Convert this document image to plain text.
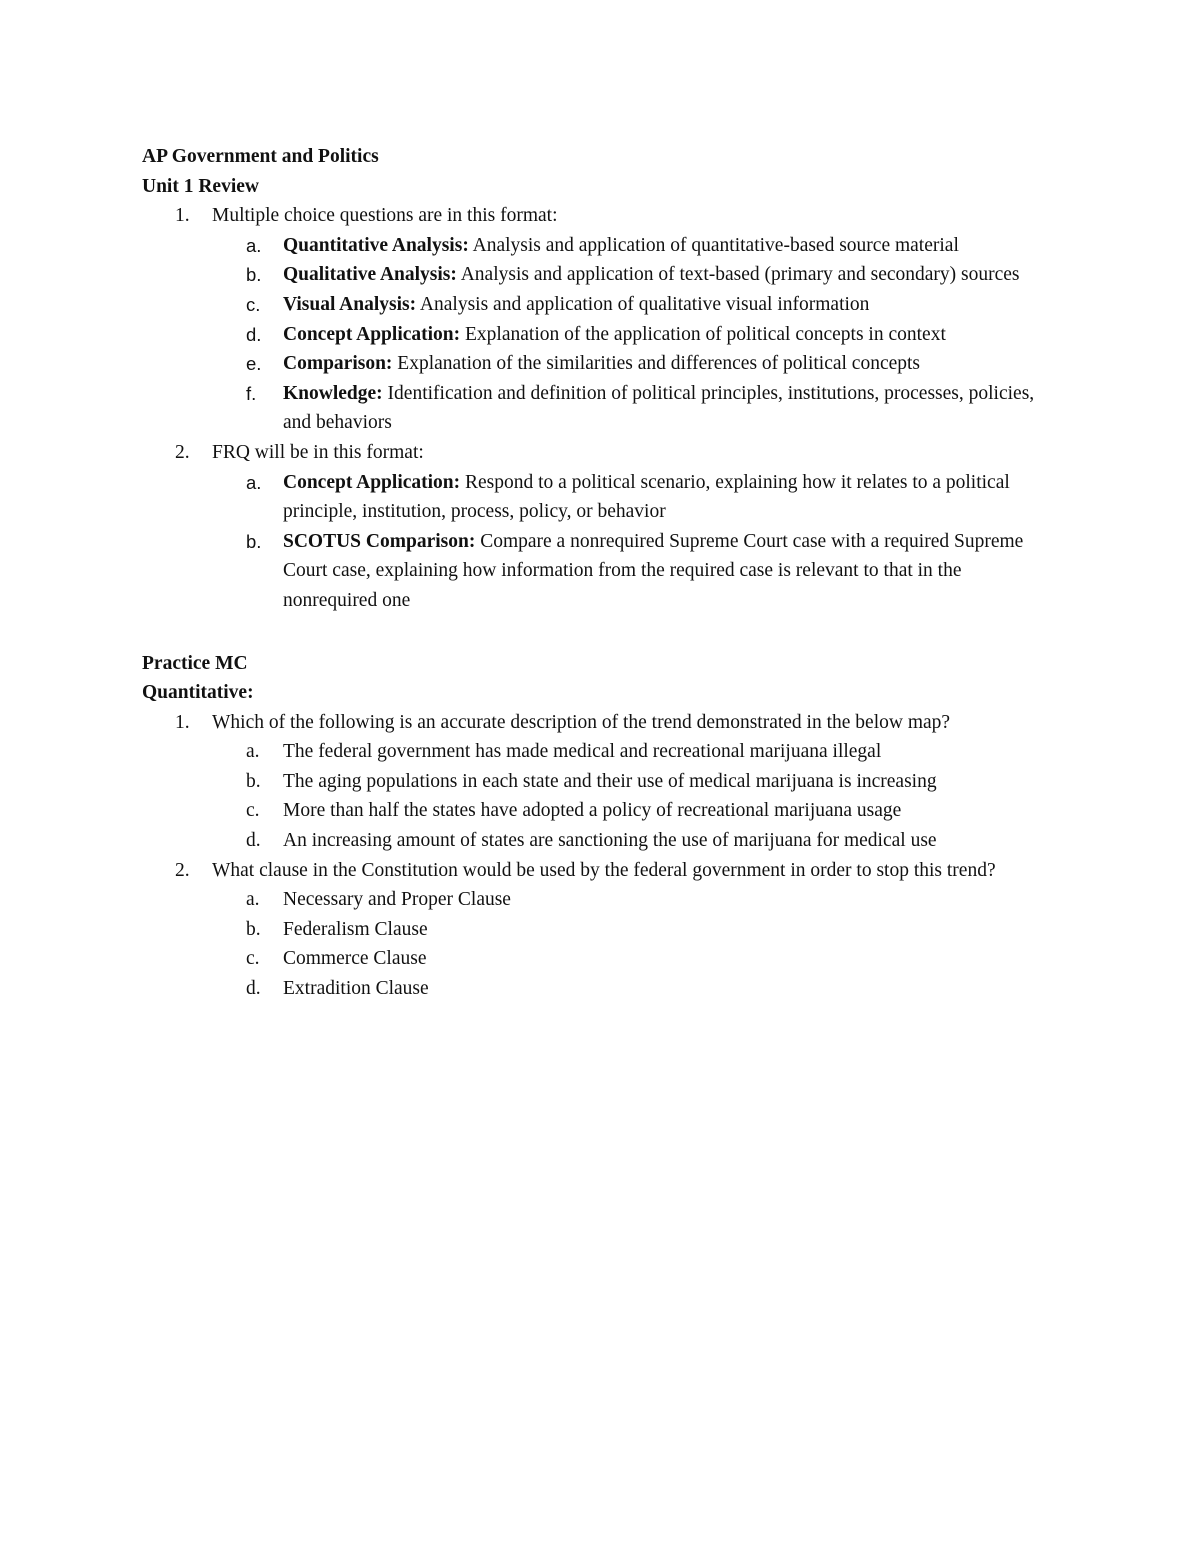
AP Government and Politics
Unit 1 Review
1.	Multiple choice questions are in this format:
a.	Quantitative Analysis: Analysis and application of quantitative-based source material
b.	Qualitative Analysis: Analysis and application of text-based (primary and secondary) sources
c.	Visual Analysis: Analysis and application of qualitative visual information
d.	Concept Application: Explanation of the application of political concepts in context
e.	Comparison: Explanation of the similarities and differences of political concepts
f.	Knowledge: Identification and definition of political principles, institutions, processes, policies, and behaviors
2.	FRQ will be in this format:
a.	Concept Application: Respond to a political scenario, explaining how it relates to a political principle, institution, process, policy, or behavior
b.	SCOTUS Comparison: Compare a nonrequired Supreme Court case with a required Supreme Court case, explaining how information from the required case is relevant to that in the nonrequired one
Practice MC
Quantitative:
1.	Which of the following is an accurate description of the trend demonstrated in the below map?
a.	The federal government has made medical and recreational marijuana illegal
b.	The aging populations in each state and their use of medical marijuana is increasing
c.	More than half the states have adopted a policy of recreational marijuana usage
d.	An increasing amount of states are sanctioning the use of marijuana for medical use
2.	What clause in the Constitution would be used by the federal government in order to stop this trend?
a.	Necessary and Proper Clause
b.	Federalism Clause
c.	Commerce Clause
d.	Extradition Clause
